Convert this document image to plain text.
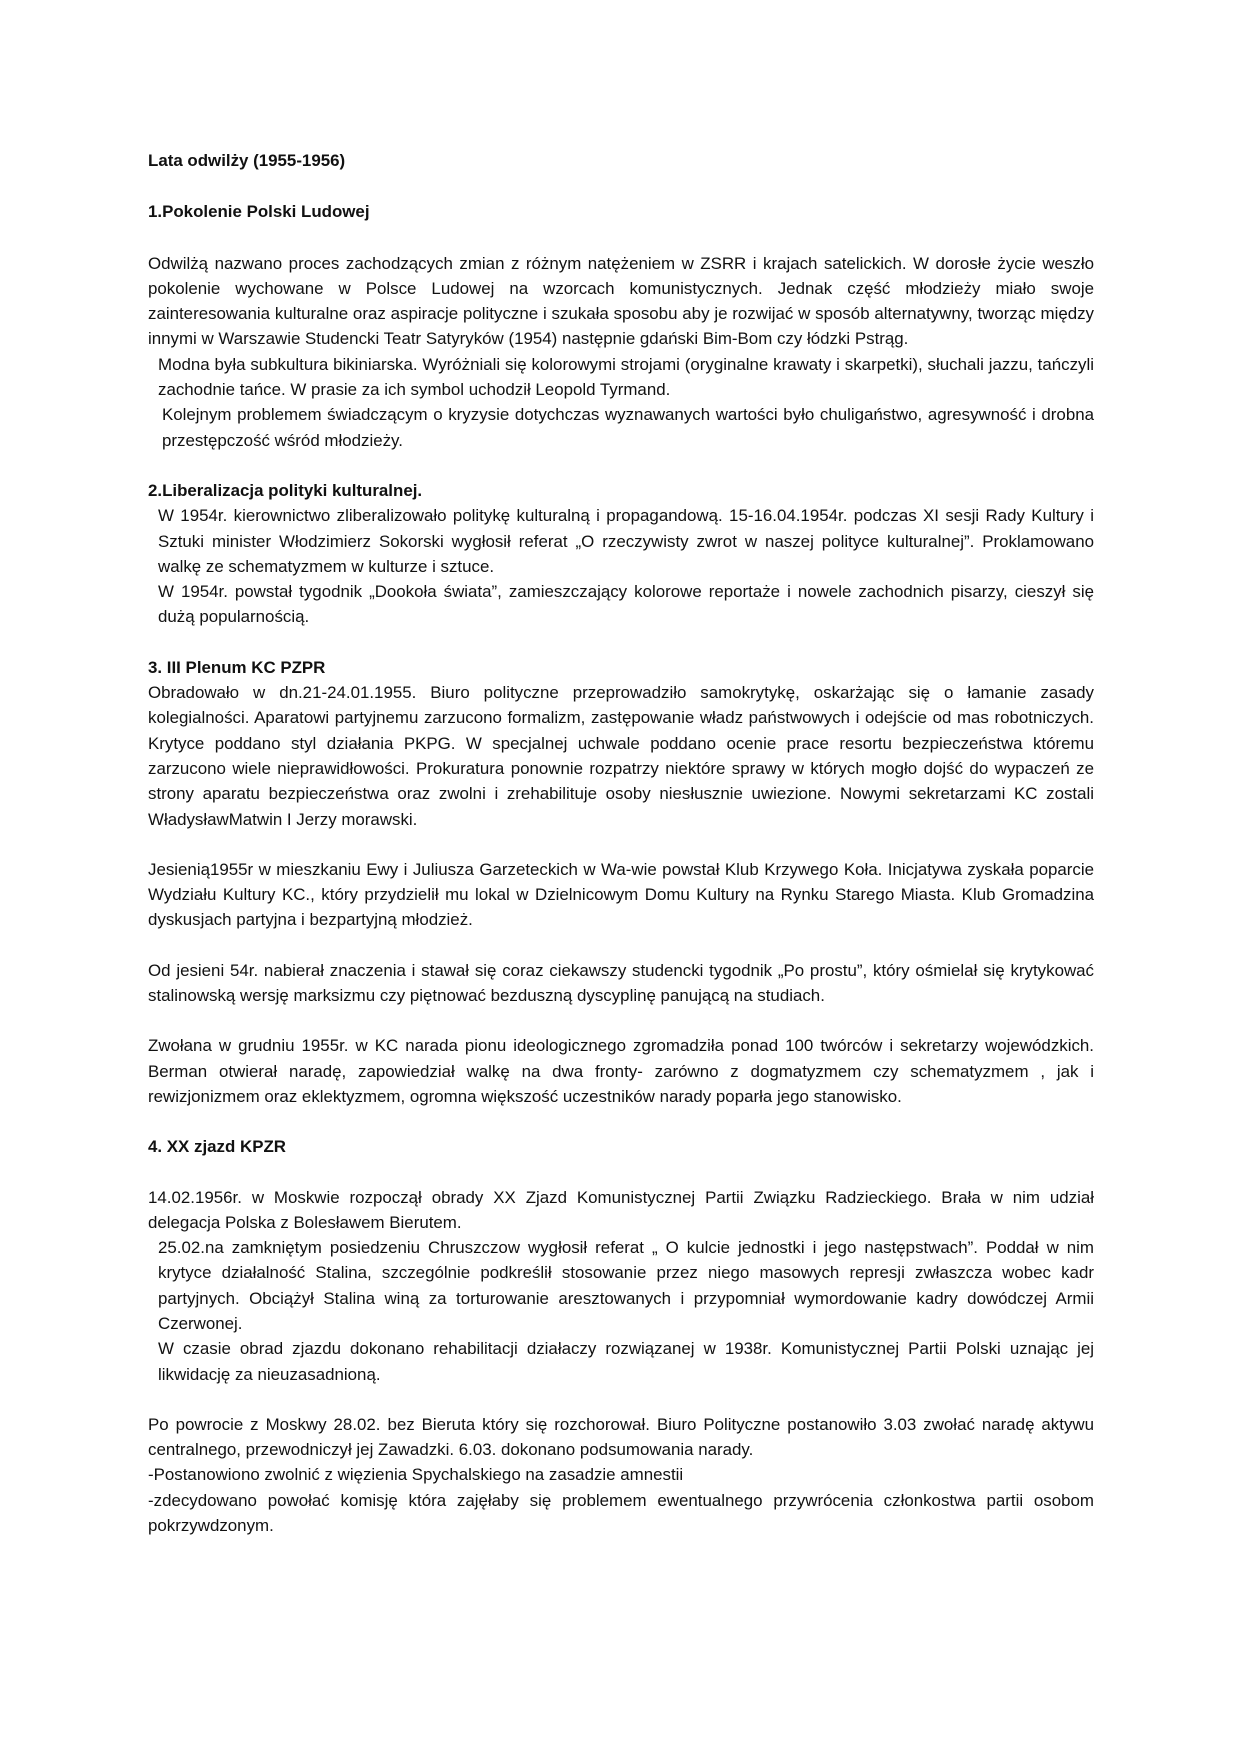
Lata odwilży (1955-1956)

1.Pokolenie Polski Ludowej

Odwilżą nazwano proces zachodzących zmian z różnym natężeniem w ZSRR i krajach satelickich. W dorosłe życie weszło pokolenie wychowane w Polsce Ludowej na wzorcach komunistycznych. Jednak część młodzieży miało swoje zainteresowania kulturalne oraz aspiracje polityczne i szukała sposobu aby je rozwijać w sposób alternatywny, tworząc między innymi w Warszawie Studencki Teatr Satyryków (1954) następnie gdański Bim-Bom czy łódzki Pstrąg.

Modna była subkultura bikiniarska. Wyróżniali się kolorowymi strojami (oryginalne krawaty i skarpetki), słuchali jazzu, tańczyli zachodnie tańce. W prasie za ich symbol uchodził Leopold Tyrmand.

Kolejnym problemem świadczącym o kryzysie dotychczas wyznawanych wartości było chuligaństwo, agresywność i drobna przestępczość wśród młodzieży.

2.Liberalizacja polityki kulturalnej.

W 1954r. kierownictwo zliberalizowało politykę kulturalną i propagandową. 15-16.04.1954r. podczas XI sesji Rady Kultury i Sztuki minister Włodzimierz Sokorski wygłosił referat „O rzeczywisty zwrot w naszej polityce kulturalnej”. Proklamowano walkę ze schematyzmem w kulturze i sztuce.

W 1954r. powstał tygodnik „Dookoła świata”, zamieszczający kolorowe reportaże i nowele zachodnich pisarzy, cieszył się dużą popularnością.

3. III Plenum KC PZPR

Obradowało w dn.21-24.01.1955. Biuro polityczne przeprowadziło samokrytykę, oskarżając się o łamanie zasady kolegialności. Aparatowi partyjnemu zarzucono formalizm, zastępowanie władz państwowych i odejście od mas robotniczych. Krytyce poddano styl działania PKPG. W specjalnej uchwale poddano ocenie prace resortu bezpieczeństwa któremu zarzucono wiele nieprawidłowości. Prokuratura ponownie rozpatrzy niektóre sprawy w których mogło dojść do wypaczeń ze strony aparatu bezpieczeństwa oraz zwolni i zrehabilituje osoby niesłusznie uwiezione. Nowymi sekretarzami KC zostali WładysławMatwin I Jerzy morawski.

Jesienią1955r w mieszkaniu Ewy i Juliusza Garzeteckich w Wa-wie powstał Klub Krzywego Koła. Inicjatywa zyskała poparcie Wydziału Kultury KC., który przydzielił mu lokal w Dzielnicowym Domu Kultury na Rynku Starego Miasta. Klub Gromadzina dyskusjach partyjna i bezpartyjną młodzież.

Od jesieni 54r. nabierał znaczenia i stawał się coraz ciekawszy studencki tygodnik „Po prostu”, który ośmielał się krytykować stalinowską wersję marksizmu czy piętnować bezduszną dyscyplinę panującą na studiach.

Zwołana w grudniu 1955r. w KC narada pionu ideologicznego zgromadziła ponad 100 twórców i sekretarzy wojewódzkich. Berman otwierał naradę, zapowiedział walkę na dwa fronty- zarówno z dogmatyzmem czy schematyzmem , jak i rewizjonizmem oraz eklektyzmem, ogromna większość uczestników narady poparła jego stanowisko.

4. XX zjazd KPZR

14.02.1956r. w Moskwie rozpoczął obrady XX Zjazd Komunistycznej Partii Związku Radzieckiego. Brała w nim udział delegacja Polska z Bolesławem Bierutem.

25.02.na zamkniętym posiedzeniu Chruszczow wygłosił referat „ O kulcie jednostki i jego następstwach”. Poddał w nim krytyce działalność Stalina, szczególnie podkreślił stosowanie przez niego masowych represji zwłaszcza wobec kadr partyjnych. Obciążył Stalina winą za torturowanie aresztowanych i przypomniał wymordowanie kadry dowódczej Armii Czerwonej.

W czasie obrad zjazdu dokonano rehabilitacji działaczy rozwiązanej w 1938r. Komunistycznej Partii Polski uznając jej likwidację za nieuzasadnioną.

Po powrocie z Moskwy 28.02. bez Bieruta który się rozchorował. Biuro Polityczne postanowiło 3.03 zwołać naradę aktywu centralnego, przewodniczył jej Zawadzki. 6.03. dokonano podsumowania narady.

-Postanowiono zwolnić z więzienia Spychalskiego na zasadzie amnestii

-zdecydowano powołać komisję która zajęłaby się problemem ewentualnego przywrócenia członkostwa partii osobom pokrzywdzonym.
